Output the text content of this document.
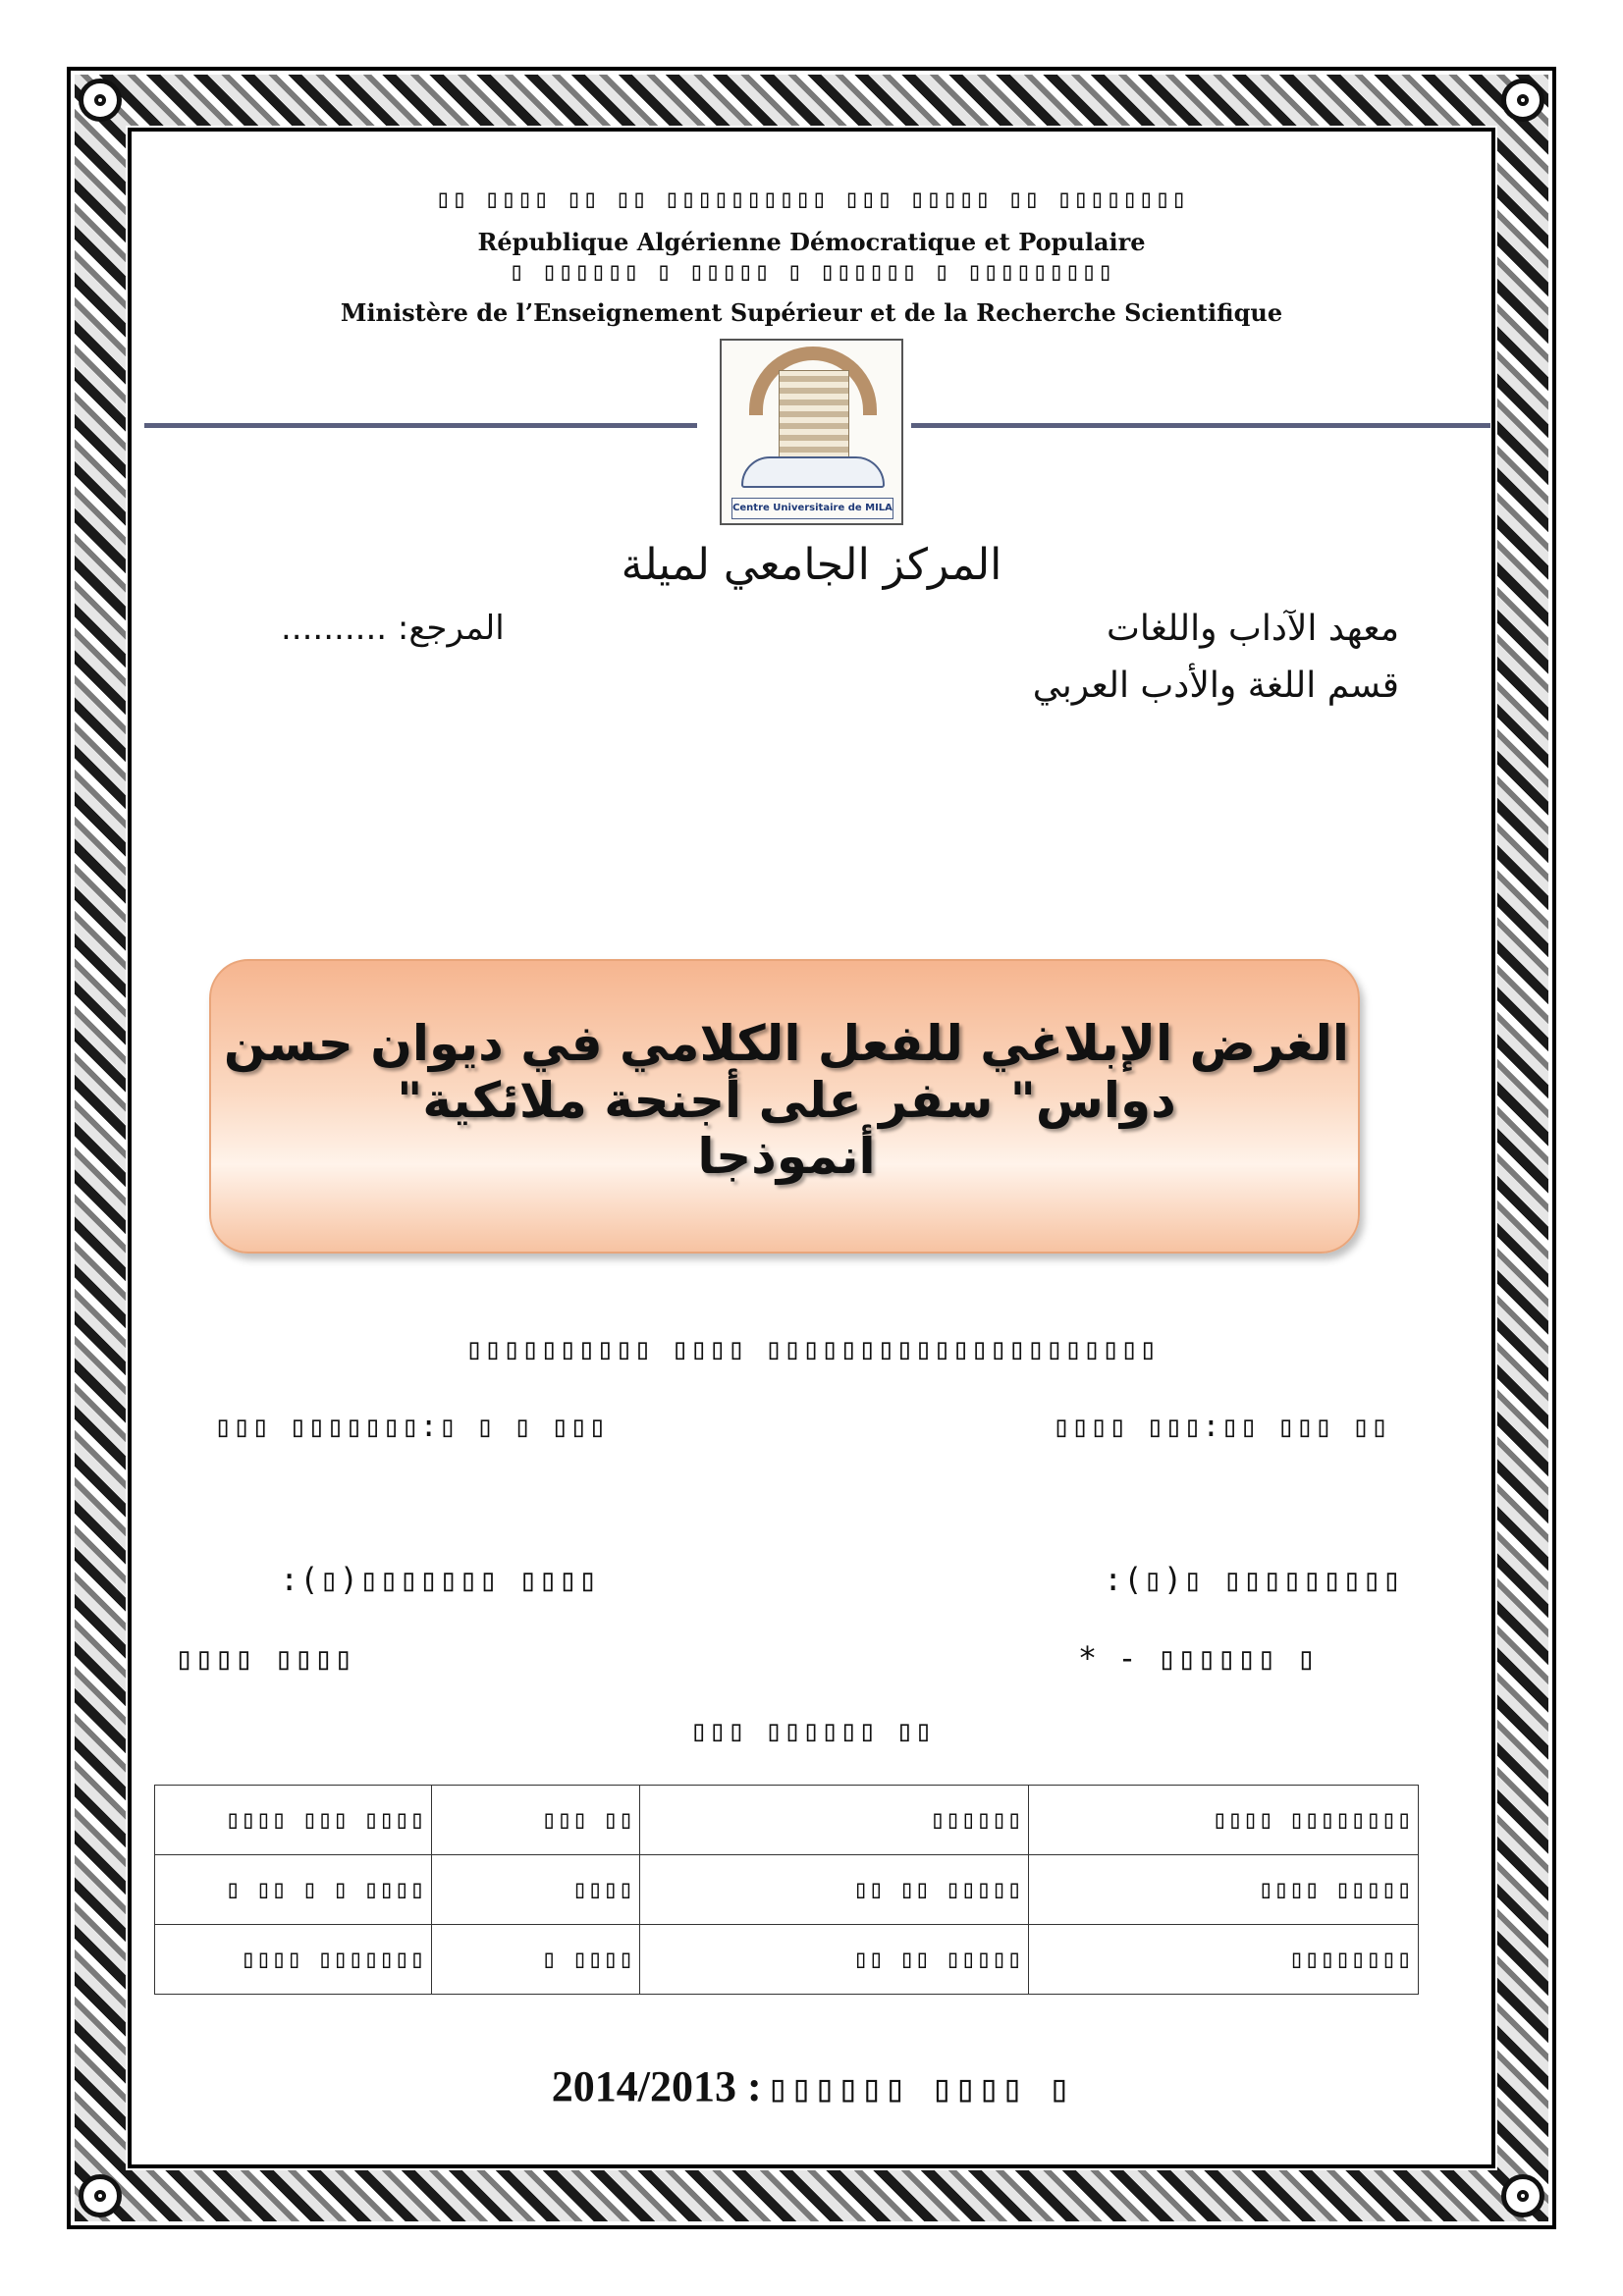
▯▯ ▯▯▯▯ ▯▯ ▯▯ ▯▯▯▯▯▯▯▯▯▯ ▯▯▯ ▯▯▯▯▯ ▯▯ ▯▯▯▯▯▯▯▯
République Algérienne Démocratique et Populaire
▯ ▯▯▯▯▯▯ ▯ ▯▯▯▯▯ ▯ ▯▯▯▯▯▯ ▯ ▯▯▯▯▯▯▯▯▯
Ministère de l’Enseignement Supérieur et de la Recherche Scientifique
Centre Universitaire de MILA
المركز الجامعي لميلة
معهد الآداب واللغات
المرجع: ..........
قسم اللغة والأدب العربي
الغرض الإبلاغي للفعل الكلامي في ديوان حسن دواس" سفر على أجنحة ملائكية"
أنموذجا
▯▯▯▯▯▯▯▯▯▯ ▯▯▯▯ ▯▯▯▯▯▯▯▯▯▯▯▯▯▯▯▯▯▯▯▯▯
▯▯▯ ▯▯▯▯▯▯▯:▯ ▯ ▯ ▯▯▯	▯▯▯▯ ▯▯▯:▯▯ ▯▯▯ ▯▯
:(▯)▯▯▯▯▯▯▯ ▯▯▯▯	:(▯)▯ ▯▯▯▯▯▯▯▯▯
▯▯▯▯ ▯▯▯▯	* - ▯▯▯▯▯▯ ▯
▯▯▯ ▯▯▯▯▯▯ ▯▯
▯▯▯▯ ▯▯▯ ▯▯▯▯	▯▯▯ ▯▯	▯▯▯▯▯▯	▯▯▯▯ ▯▯▯▯▯▯▯▯
▯ ▯▯ ▯ ▯ ▯▯▯▯	▯▯▯▯	▯▯ ▯▯ ▯▯▯▯▯	▯▯▯▯ ▯▯▯▯▯
▯▯▯▯ ▯▯▯▯▯▯▯	▯ ▯▯▯▯	▯▯ ▯▯ ▯▯▯▯▯	▯▯▯▯▯▯▯▯
2014/2013 : ▯▯▯▯▯▯ ▯▯▯▯ ▯
